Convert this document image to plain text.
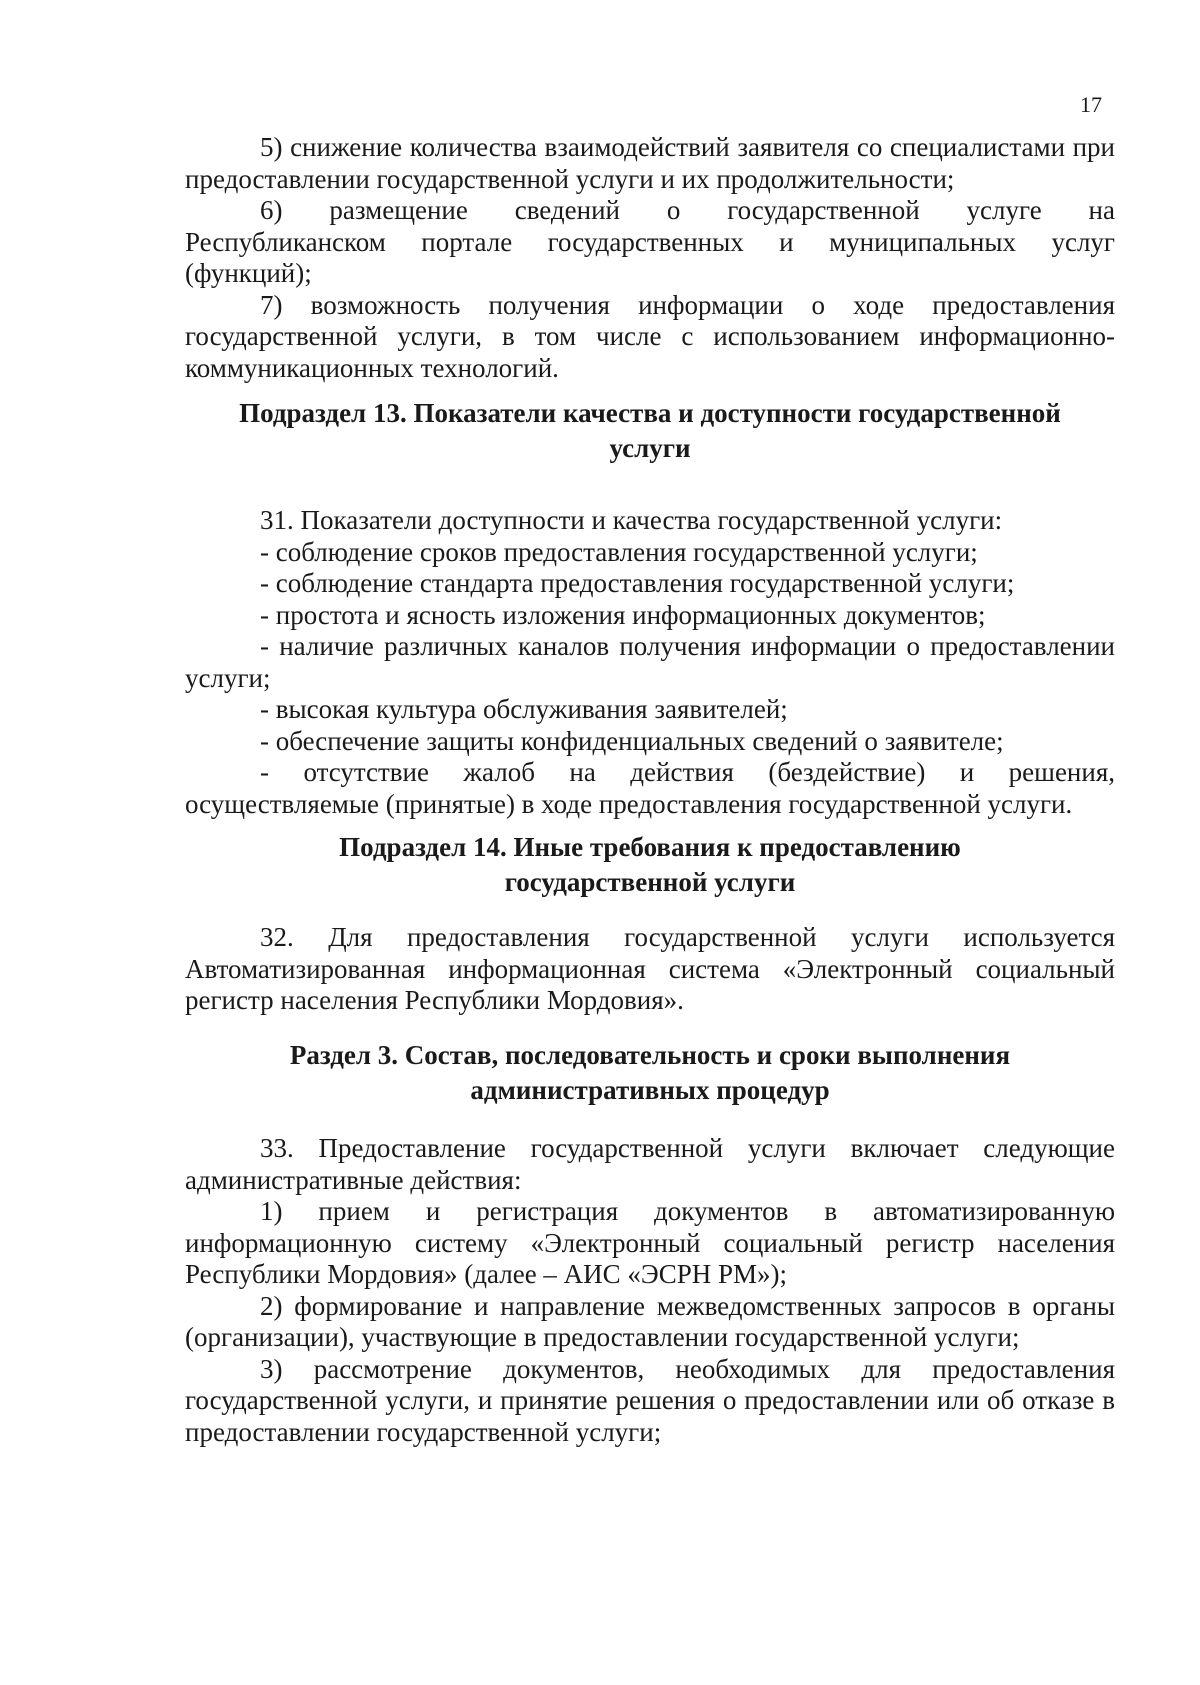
17

5) снижение количества взаимодействий заявителя со специалистами при предоставлении государственной услуги и их продолжительности;

6) размещение сведений о государственной услуге на

Республиканском портале государственных и муниципальных услуг

(функций);

7) возможность получения информации о ходе предоставления государственной услуги, в том числе с использованием информационно-коммуникационных технологий.

Подраздел 13. Показатели качества и доступности государственной
услуги

31. Показатели доступности и качества государственной услуги:

- соблюдение сроков предоставления государственной услуги;

- соблюдение стандарта предоставления государственной услуги;

- простота и ясность изложения информационных документов;

- наличие различных каналов получения информации о предоставлении услуги;

- высокая культура обслуживания заявителей;

- обеспечение защиты конфиденциальных сведений о заявителе;

- отсутствие жалоб на действия (бездействие) и решения, осуществляемые (принятые) в ходе предоставления государственной услуги.

Подраздел 14. Иные требования к предоставлению
государственной услуги

32. Для предоставления государственной услуги используется Автоматизированная информационная система «Электронный социальный регистр населения Республики Мордовия».

Раздел 3. Состав, последовательность и сроки выполнения
административных процедур

33. Предоставление государственной услуги включает следующие административные действия:

1) прием и регистрация документов в автоматизированную информационную систему «Электронный социальный регистр населения Республики Мордовия» (далее – АИС «ЭСРН РМ»);

2) формирование и направление межведомственных запросов в органы (организации), участвующие в предоставлении государственной услуги;

3) рассмотрение документов, необходимых для предоставления государственной услуги, и принятие решения о предоставлении или об отказе в предоставлении государственной услуги;
